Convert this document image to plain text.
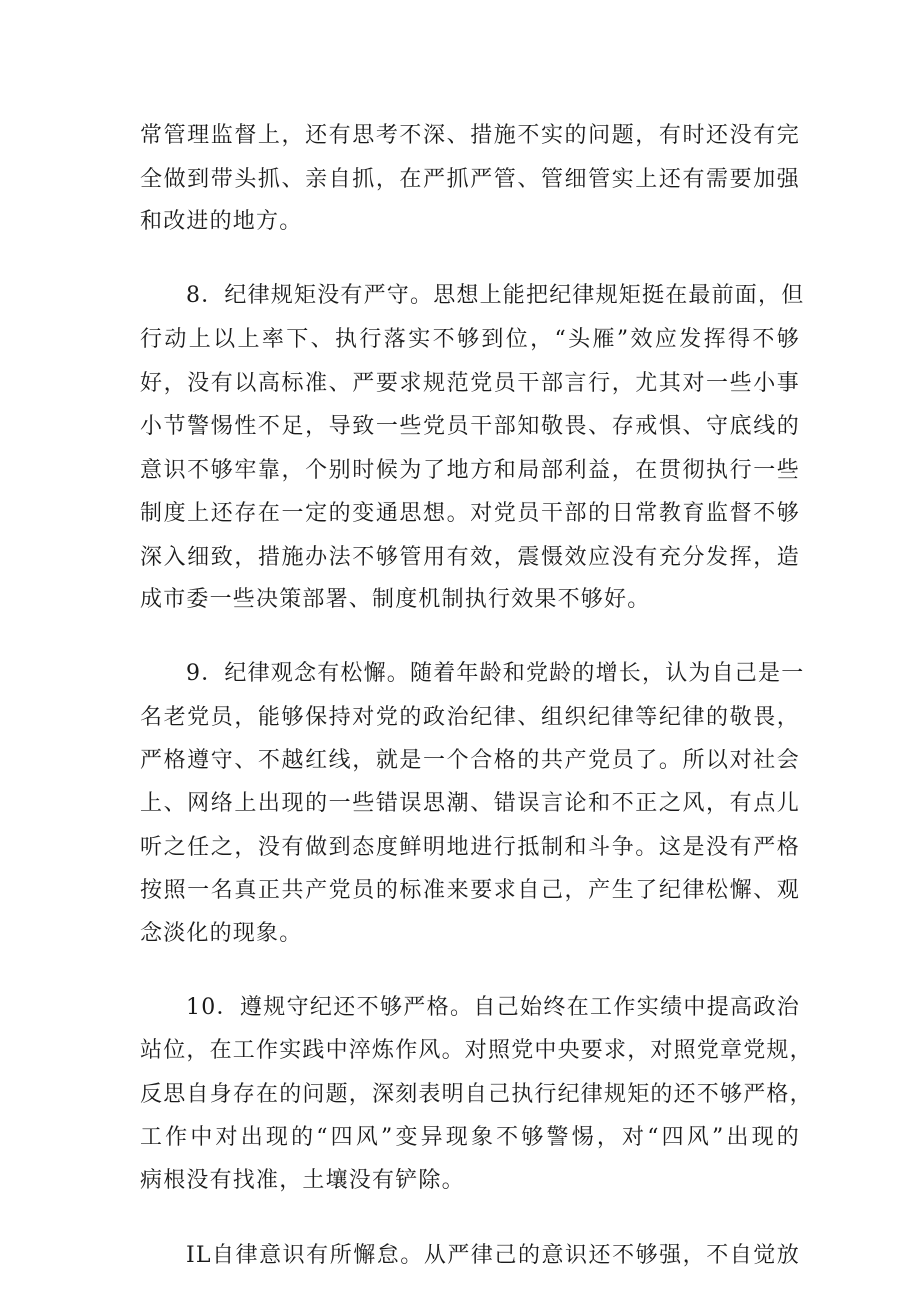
常管理监督上，还有思考不深、措施不实的问题，有时还没有完
全做到带头抓、亲自抓，在严抓严管、管细管实上还有需要加强
和改进的地方。
8．纪律规矩没有严守。思想上能把纪律规矩挺在最前面，但
行动上以上率下、执行落实不够到位，“头雁”效应发挥得不够
好，没有以高标准、严要求规范党员干部言行，尤其对一些小事
小节警惕性不足，导致一些党员干部知敬畏、存戒惧、守底线的
意识不够牢靠，个别时候为了地方和局部利益，在贯彻执行一些
制度上还存在一定的变通思想。对党员干部的日常教育监督不够
深入细致，措施办法不够管用有效，震慑效应没有充分发挥，造
成市委一些决策部署、制度机制执行效果不够好。
9．纪律观念有松懈。随着年龄和党龄的增长，认为自己是一
名老党员，能够保持对党的政治纪律、组织纪律等纪律的敬畏，
严格遵守、不越红线，就是一个合格的共产党员了。所以对社会
上、网络上出现的一些错误思潮、错误言论和不正之风，有点儿
听之任之，没有做到态度鲜明地进行抵制和斗争。这是没有严格
按照一名真正共产党员的标准来要求自己，产生了纪律松懈、观
念淡化的现象。
10．遵规守纪还不够严格。自己始终在工作实绩中提高政治
站位，在工作实践中淬炼作风。对照党中央要求，对照党章党规，
反思自身存在的问题，深刻表明自己执行纪律规矩的还不够严格，
工作中对出现的“四风”变异现象不够警惕，对“四风”出现的
病根没有找准，土壤没有铲除。
IL自律意识有所懈怠。从严律己的意识还不够强，不自觉放
